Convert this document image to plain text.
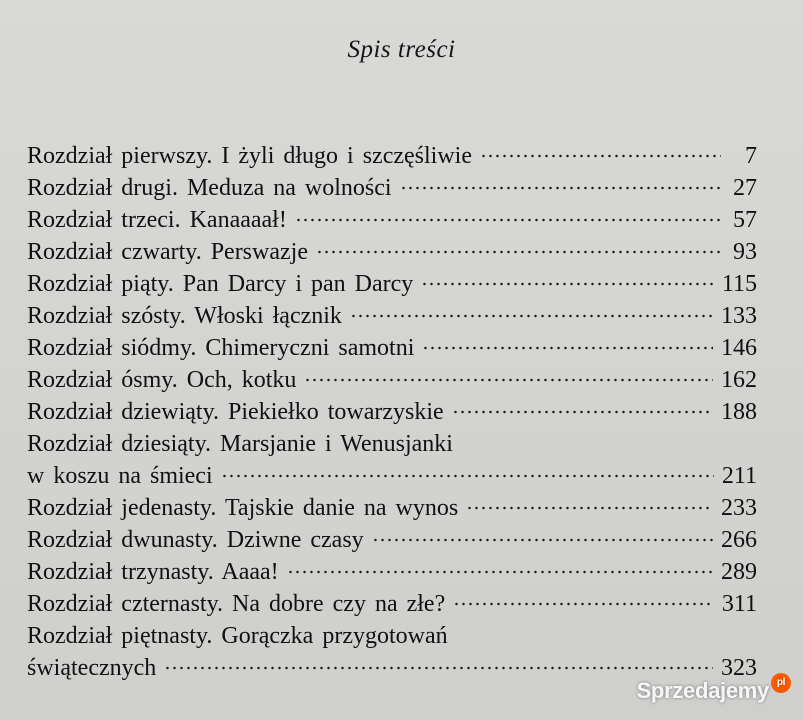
Spis treści
Rozdział pierwszy. I żyli długo i szczęśliwie	7
Rozdział drugi. Meduza na wolności	27
Rozdział trzeci. Kanaaaał!	57
Rozdział czwarty. Perswazje	93
Rozdział piąty. Pan Darcy i pan Darcy	115
Rozdział szósty. Włoski łącznik	133
Rozdział siódmy. Chimeryczni samotni	146
Rozdział ósmy. Och, kotku	162
Rozdział dziewiąty. Piekiełko towarzyskie	188
Rozdział dziesiąty. Marsjanie i Wenusjanki
w koszu na śmieci	211
Rozdział jedenasty. Tajskie danie na wynos	233
Rozdział dwunasty. Dziwne czasy	266
Rozdział trzynasty. Aaaa!	289
Rozdział czternasty. Na dobre czy na złe?	311
Rozdział piętnasty. Gorączka przygotowań
świątecznych	323
Sprzedajemy pl
